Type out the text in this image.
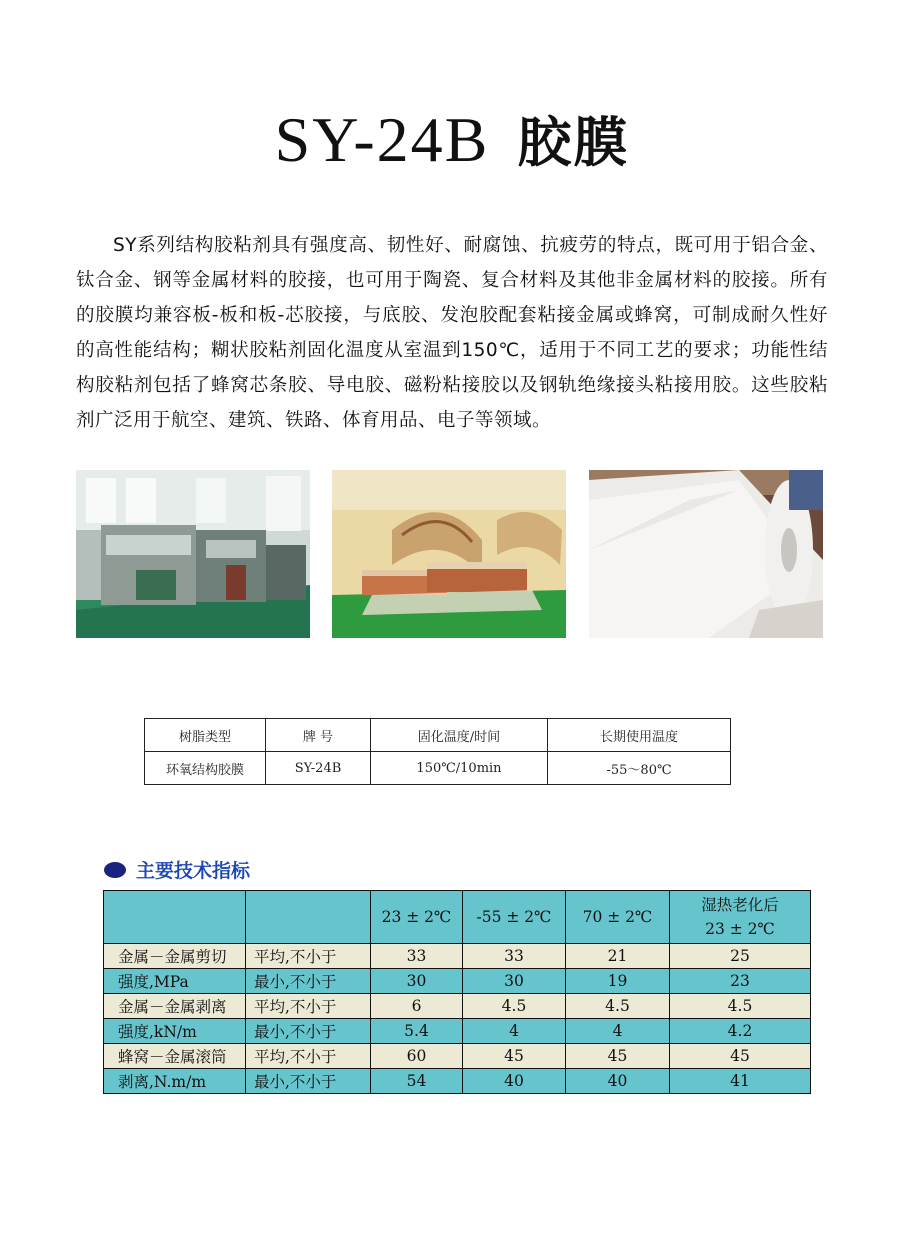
SY-24B 胶膜
SY系列结构胶粘剂具有强度高、韧性好、耐腐蚀、抗疲劳的特点，既可用于铝合金、钛合金、钢等金属材料的胶接，也可用于陶瓷、复合材料及其他非金属材料的胶接。所有的胶膜均兼容板-板和板-芯胶接，与底胶、发泡胶配套粘接金属或蜂窝，可制成耐久性好的高性能结构；糊状胶粘剂固化温度从室温到150℃，适用于不同工艺的要求；功能性结构胶粘剂包括了蜂窝芯条胶、导电胶、磁粉粘接胶以及钢轨绝缘接头粘接用胶。这些胶粘剂广泛用于航空、建筑、铁路、体育用品、电子等领域。
树脂类型	牌 号	固化温度/时间	长期使用温度
环氧结构胶膜	SY-24B	150℃/10min	-55～80℃
主要技术指标
		23 ± 2℃	-55 ± 2℃	70 ± 2℃	湿热老化后
23 ± 2℃

金属－金属剪切	平均,不小于	33	33	21	25
强度,MPa	最小,不小于	30	30	19	23
金属－金属剥离	平均,不小于	6	4.5	4.5	4.5
强度,kN/m	最小,不小于	5.4	4	4	4.2
蜂窝－金属滚筒	平均,不小于	60	45	45	45
剥离,N.m/m	最小,不小于	54	40	40	41
